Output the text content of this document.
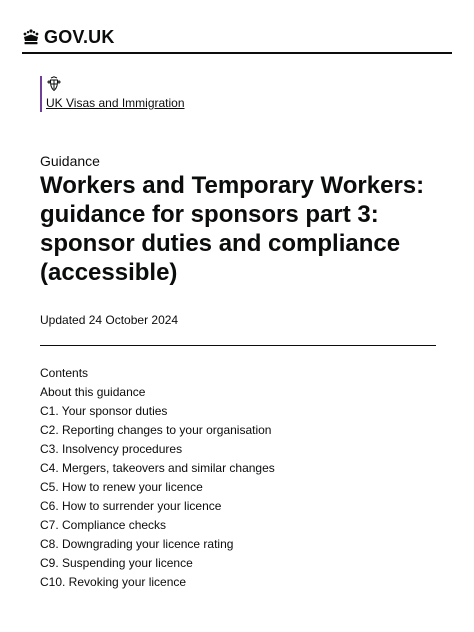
GOV.UK
UK Visas and Immigration
Guidance
Workers and Temporary Workers: guidance for sponsors part 3: sponsor duties and compliance (accessible)
Updated 24 October 2024
Contents
About this guidance
C1. Your sponsor duties
C2. Reporting changes to your organisation
C3. Insolvency procedures
C4. Mergers, takeovers and similar changes
C5. How to renew your licence
C6. How to surrender your licence
C7. Compliance checks
C8. Downgrading your licence rating
C9. Suspending your licence
C10. Revoking your licence
